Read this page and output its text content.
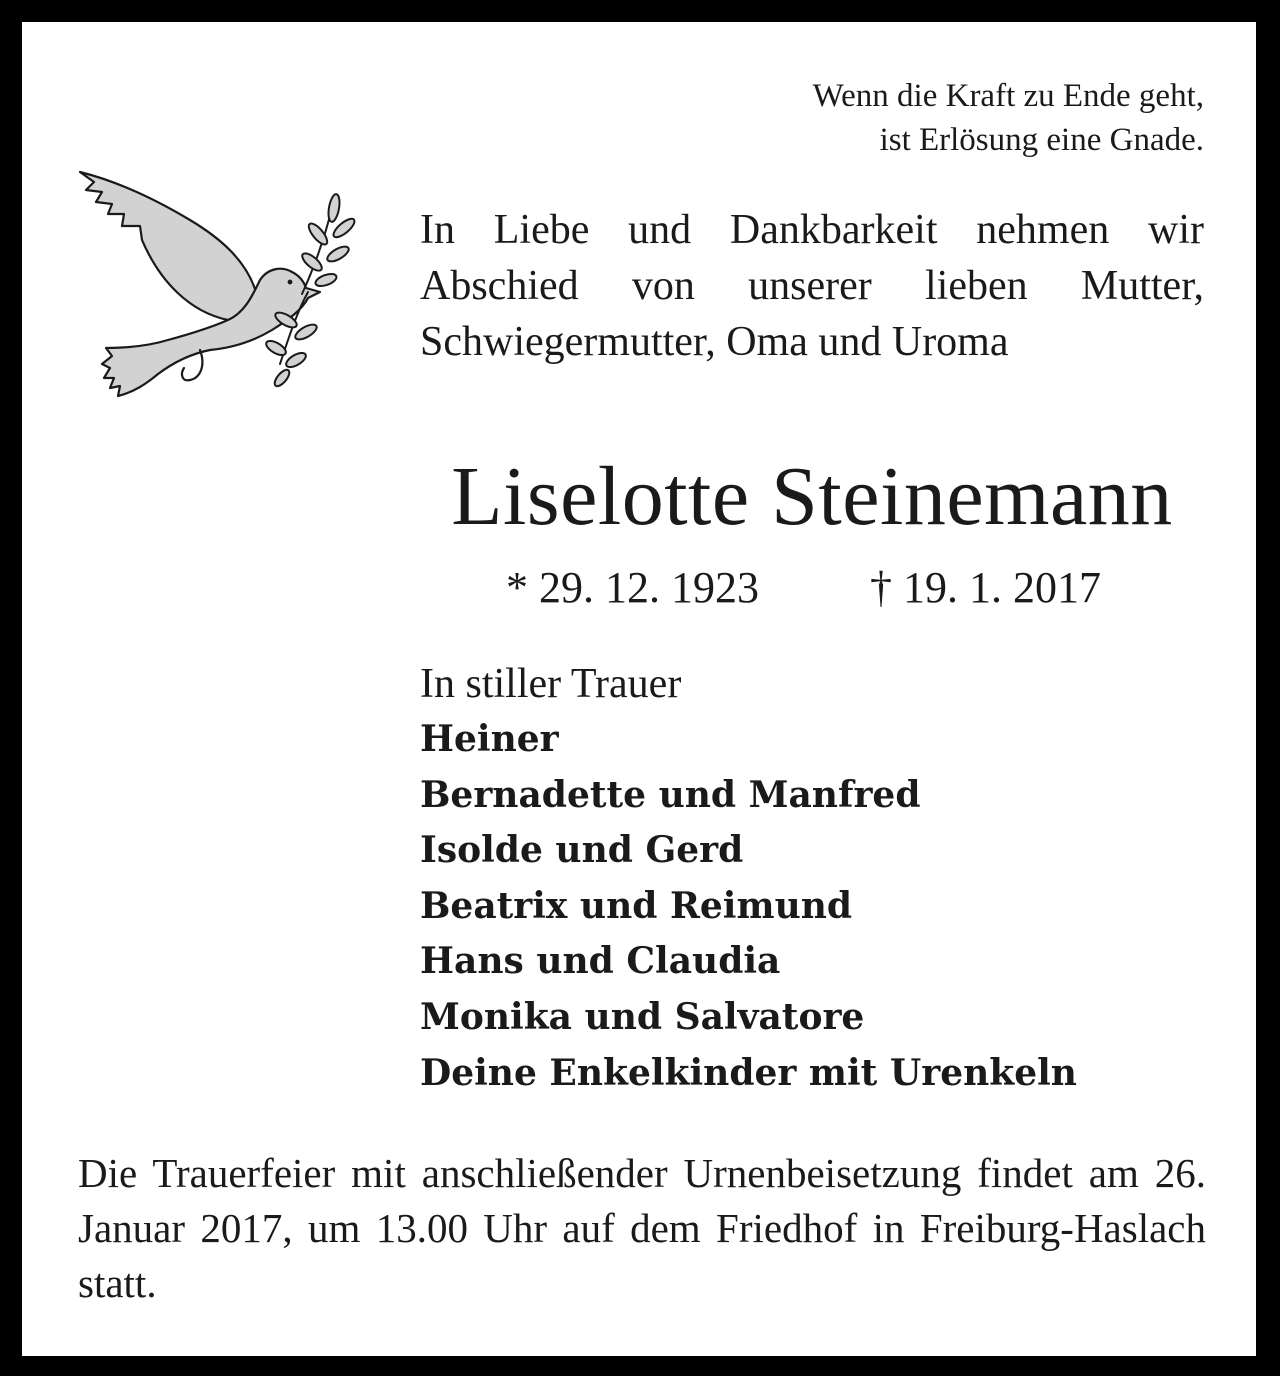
Wenn die Kraft zu Ende geht,
ist Erlösung eine Gnade.
In Liebe und Dankbarkeit nehmen wir Abschied von unserer lieben Mutter, Schwiegermutter, Oma und Uroma
Liselotte Steinemann
* 29. 12. 1923	† 19. 1. 2017
In stiller Trauer
Heiner
Bernadette und Manfred
Isolde und Gerd
Beatrix und Reimund
Hans und Claudia
Monika und Salvatore
Deine Enkelkinder mit Urenkeln
Die Trauerfeier mit anschließender Urnenbeisetzung findet am 26. Januar 2017, um 13.00 Uhr auf dem Friedhof in Freiburg-Haslach statt.
